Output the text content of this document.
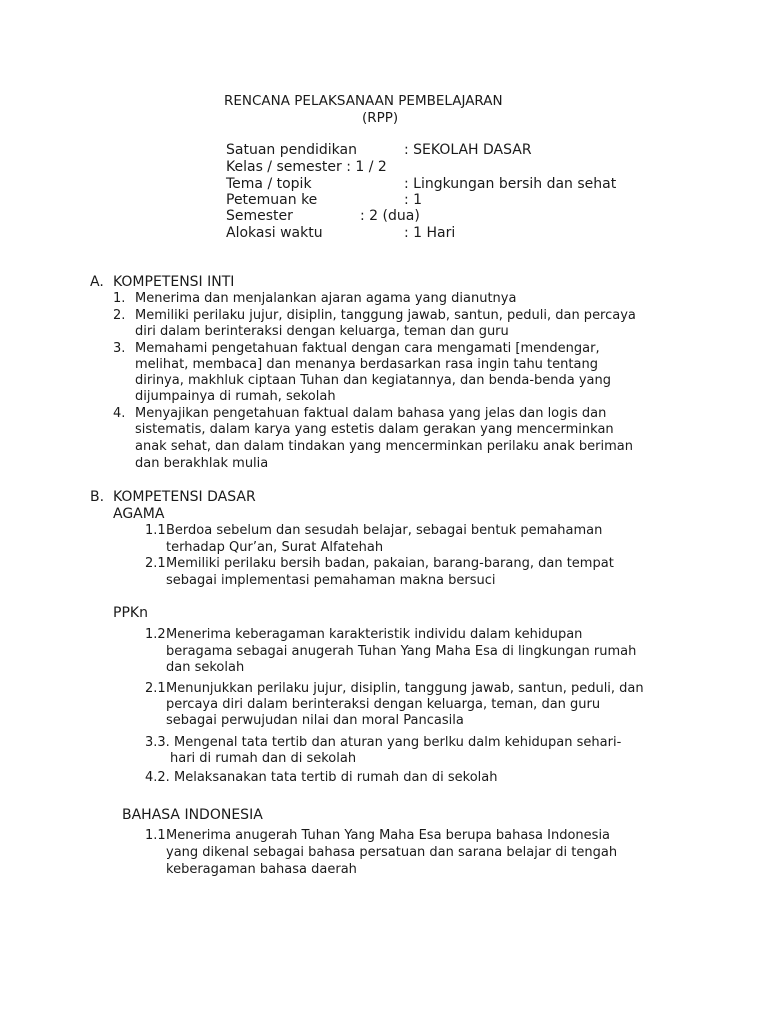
RENCANA PELAKSANAAN PEMBELAJARAN
(RPP)
Satuan pendidikan	: SEKOLAH DASAR
Kelas / semester : 1 / 2
Tema / topik	: Lingkungan bersih dan sehat
Petemuan ke	: 1
Semester	: 2 (dua)
Alokasi waktu	: 1 Hari
A. KOMPETENSI INTI
1. Menerima dan menjalankan ajaran agama yang dianutnya
2. Memiliki perilaku jujur, disiplin, tanggung jawab, santun, peduli, dan percaya
diri dalam berinteraksi dengan keluarga, teman dan guru
3. Memahami pengetahuan faktual dengan cara mengamati [mendengar,
melihat, membaca] dan menanya berdasarkan rasa ingin tahu tentang
dirinya, makhluk ciptaan Tuhan dan kegiatannya, dan benda-benda yang
dijumpainya di rumah, sekolah
4. Menyajikan pengetahuan faktual dalam bahasa yang jelas dan logis dan
sistematis, dalam karya yang estetis dalam gerakan yang mencerminkan
anak sehat, dan dalam tindakan yang mencerminkan perilaku anak beriman
dan berakhlak mulia
B. KOMPETENSI DASAR
AGAMA
1.1 Berdoa sebelum dan sesudah belajar, sebagai bentuk pemahaman
terhadap Qur’an, Surat Alfatehah
2.1 Memiliki perilaku bersih badan, pakaian, barang-barang, dan tempat
sebagai implementasi pemahaman makna bersuci
PPKn
1.2 Menerima keberagaman karakteristik individu dalam kehidupan
beragama sebagai anugerah Tuhan Yang Maha Esa di lingkungan rumah
dan sekolah
2.1 Menunjukkan perilaku jujur, disiplin, tanggung jawab, santun, peduli, dan
percaya diri dalam berinteraksi dengan keluarga, teman, dan guru
sebagai perwujudan nilai dan moral Pancasila
3.3. Mengenal tata tertib dan aturan yang berlku dalm kehidupan sehari-
hari di rumah dan di sekolah
4.2. Melaksanakan tata tertib di rumah dan di sekolah
BAHASA INDONESIA
1.1 Menerima anugerah Tuhan Yang Maha Esa berupa bahasa Indonesia
yang dikenal sebagai bahasa persatuan dan sarana belajar di tengah
keberagaman bahasa daerah
